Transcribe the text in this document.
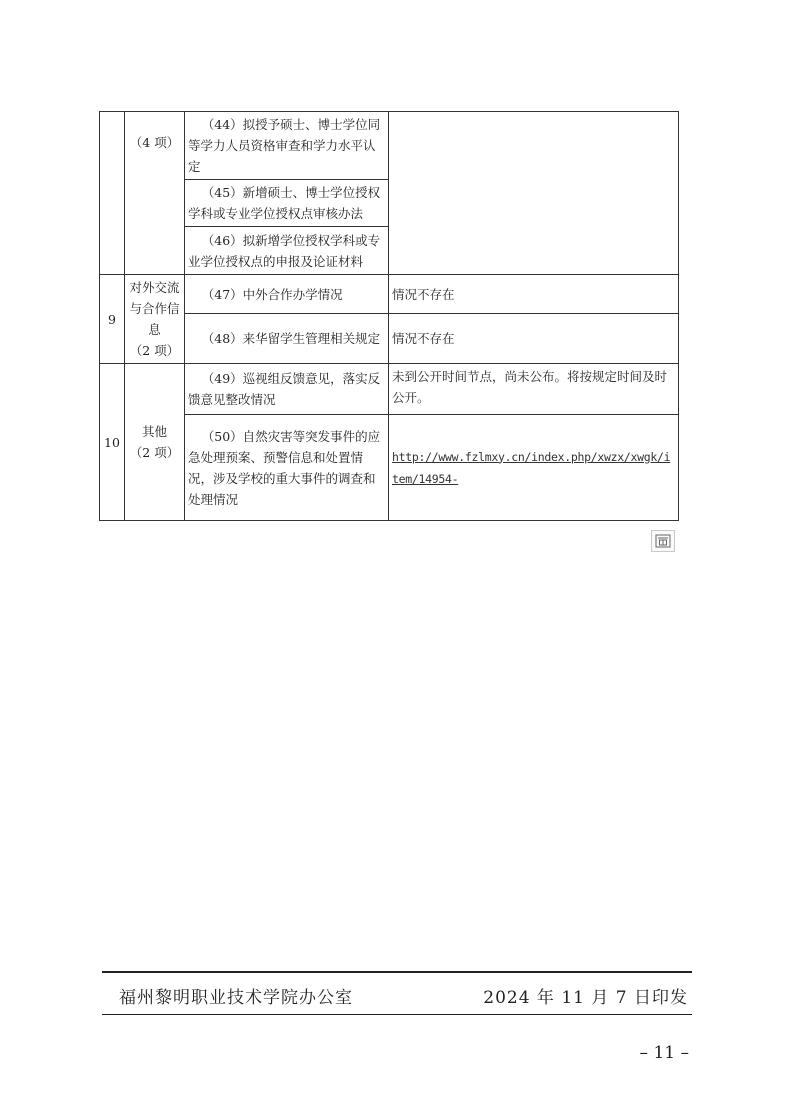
	（4 项）	（44）拟授予硕士、博士学位同等学力人员资格审查和学力水平认定	
		（45）新增硕士、博士学位授权学科或专业学位授权点审核办法	
		（46）拟新增学位授权学科或专业学位授权点的申报及论证材料	
9	对外交流
与合作信
息
（2 项）	（47）中外合作办学情况	情况不存在
		（48）来华留学生管理相关规定	情况不存在
10	其他
（2 项）	（49）巡视组反馈意见，落实反馈意见整改情况	未到公开时间节点，尚未公布。将按规定时间及时公开。
		（50）自然灾害等突发事件的应急处理预案、预警信息和处置情况，涉及学校的重大事件的调查和处理情况	http://www.fzlmxy.cn/index.php/xwzx/xwgk/item/14954-
福州黎明职业技术学院办公室	2024 年 11 月 7 日印发
– 11 –
